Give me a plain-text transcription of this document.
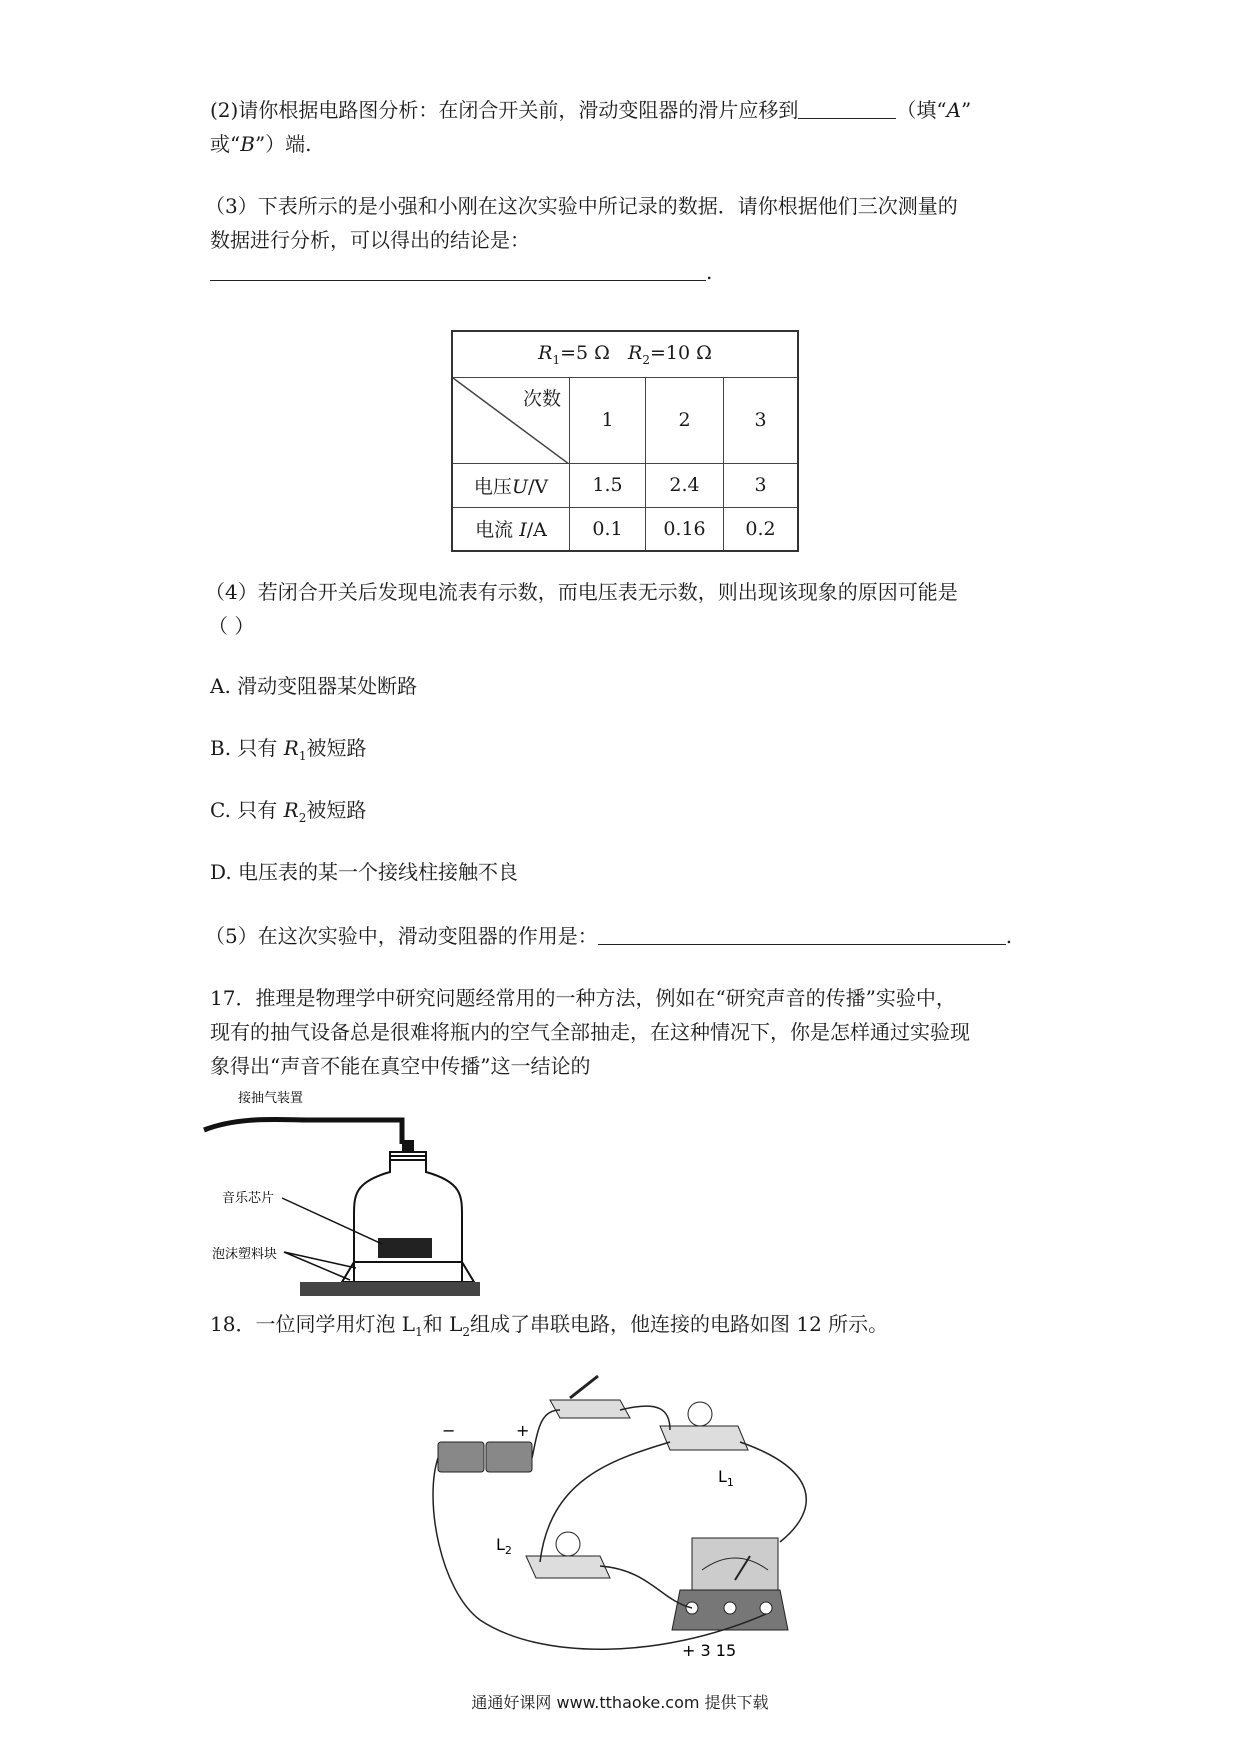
(2)请你根据电路图分析：在闭合开关前，滑动变阻器的滑片应移到	（填“A”
或“B”）端.
（3）下表所示的是小强和小刚在这次实验中所记录的数据．请你根据他们三次测量的
数据进行分析，可以得出的结论是：
.
$R_1=5$ Ω $R_2=10$ Ω			

次数	1	2	3
电压U/V	1.5	2.4	3
电流 I/A	0.1	0.16	0.2
（4）若闭合开关后发现电流表有示数，而电压表无示数，则出现该现象的原因可能是
（ ）
A. 滑动变阻器某处断路
B. 只有 $R_1$被短路
C. 只有 $R_2$被短路
D. 电压表的某一个接线柱接触不良
（5）在这次实验中，滑动变阻器的作用是：	.
17．推理是物理学中研究问题经常用的一种方法，例如在“研究声音的传播”实验中，
现有的抽气设备总是很难将瓶内的空气全部抽走，在这种情况下，你是怎样通过实验现
象得出“声音不能在真空中传播”这一结论的
接抽气装置
音乐芯片
泡沫塑料块
18．一位同学用灯泡 $L_1$和 $L_2$组成了串联电路，他连接的电路如图 12 所示。
−	+
$L_1$
$L_2$
+ 3 15
通通好课网 www.tthaoke.com 提供下载
